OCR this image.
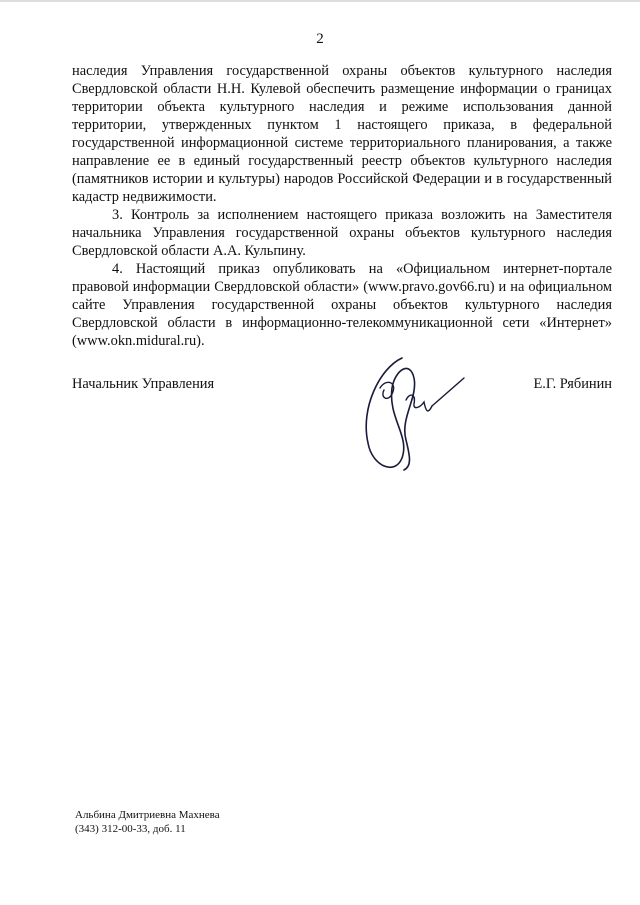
2

наследия Управления государственной охраны объектов культурного наследия Свердловской области Н.Н. Кулевой обеспечить размещение информации о границах территории объекта культурного наследия и режиме использования данной территории, утвержденных пунктом 1 настоящего приказа, в федеральной государственной информационной системе территориального планирования, а также направление ее в единый государственный реестр объектов культурного наследия (памятников истории и культуры) народов Российской Федерации и в государственный кадастр недвижимости.

3. Контроль за исполнением настоящего приказа возложить на Заместителя начальника Управления государственной охраны объектов культурного наследия Свердловской области А.А. Кульпину.

4. Настоящий приказ опубликовать на «Официальном интернет-портале правовой информации Свердловской области» (www.pravo.gov66.ru) и на официальном сайте Управления государственной охраны объектов культурного наследия Свердловской области в информационно-телекоммуникационной сети «Интернет» (www.okn.midural.ru).

Начальник Управления	Е.Г. Рябинин
Альбина Дмитриевна Махнева
(343) 312-00-33, доб. 11
